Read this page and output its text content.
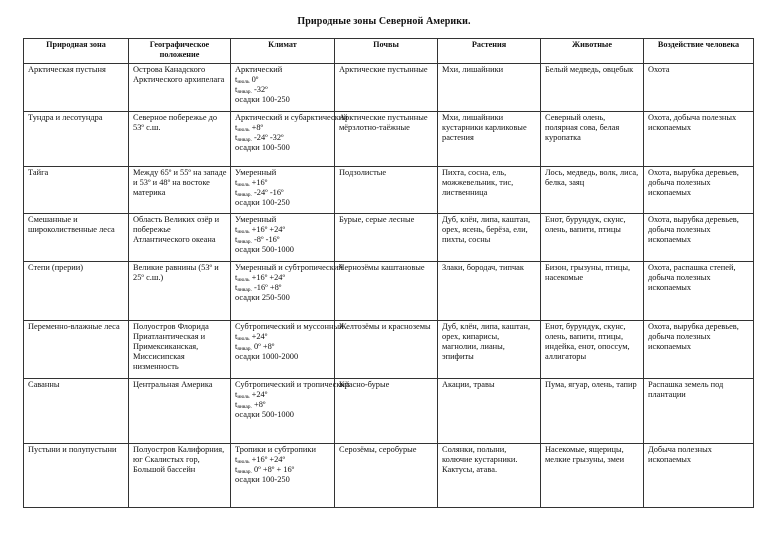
Природные зоны Северной Америки.
Природная зона	Географическое положение	Климат	Почвы	Растения	Животные	Воздействие человека
Арктическая пустыня	Острова Канадского Арктического архипелага	Арктический
$t_{июль}$ 0º
$t_{январ.}$ -32º
осадки 100-250	Арктические пустынные	Мхи, лишайники	Белый медведь, овцебык	Охота
Тундра и лесотундра	Северное побережье до 53º с.ш.	Арктический и субарктический
$t_{июль}$ +8º
$t_{январ.}$ -24º -32º
осадки 100-500	Арктические пустынные мёрзлотно-таёжные	Мхи, лишайники кустарники карликовые растения	Северный олень, полярная сова, белая куропатка	Охота, добыча полезных ископаемых
Тайга	Между 65º и 55º на западе и 53º и 48º на востоке материка	Умеренный
$t_{июль}$ +16º
$t_{январ.}$ -24º -16º
осадки 100-250	Подзолистые	Пихта, сосна, ель, можжевельник, тис, лиственница	Лось, медведь, волк, лиса, белка, заяц	Охота, вырубка деревьев, добыча полезных ископаемых
Смешанные и широколиственные леса	Область Великих озёр и побережье Атлантического океана	Умеренный
$t_{июль}$ +16º +24º
$t_{январ.}$ -8º -16º
осадки 500-1000	Бурые, серые лесные	Дуб, клён, липа, каштан, орех, ясень, берёза, ели, пихты, сосны	Енот, бурундук, скунс, олень, вапити, птицы	Охота, вырубка деревьев, добыча полезных ископаемых
Степи (прерии)	Великие равнины (53º и 25º с.ш.)	Умеренный и субтропический
$t_{июль}$ +16º +24º
$t_{январ.}$ -16º +8º
осадки 250-500	Чернозёмы каштановые	Злаки, бородач, типчак	Бизон, грызуны, птицы, насекомые	Охота, распашка степей, добыча полезных ископаемых
Переменно-влажные леса	Полуостров Флорида Приатлантическая и Примексиканская, Миссисипская низменность	Субтропический и муссонный
$t_{июль}$ +24º
$t_{январ.}$ 0º +8º
осадки 1000-2000	Желтозёмы и красноземы	Дуб, клён, липа, каштан, орех, кипарисы, магнолии, лианы, эпифиты	Енот, бурундук, скунс, олень, вапити, птицы, индейка, енот, опоссум, аллигаторы	Охота, вырубка деревьев, добыча полезных ископаемых
Саванны	Центральная Америка	Субтропический и тропический
$t_{июль}$ +24º
$t_{январ.}$ +8º
осадки 500-1000	Красно-бурые	Акации, травы	Пума, ягуар, олень, тапир	Распашка земель под плантации
Пустыни и полупустыни	Полуостров Калифорния, юг Скалистых гор, Большой бассейн	Тропики и субтропики
$t_{июль}$ +16º +24º
$t_{январ.}$ 0º +8º + 16º
осадки 100-250	Серозёмы, серобурые	Солянки, полыни, колючие кустарники. Кактусы, атава.	Насекомые, ящерицы, мелкие грызуны, змеи	Добыча полезных ископаемых
